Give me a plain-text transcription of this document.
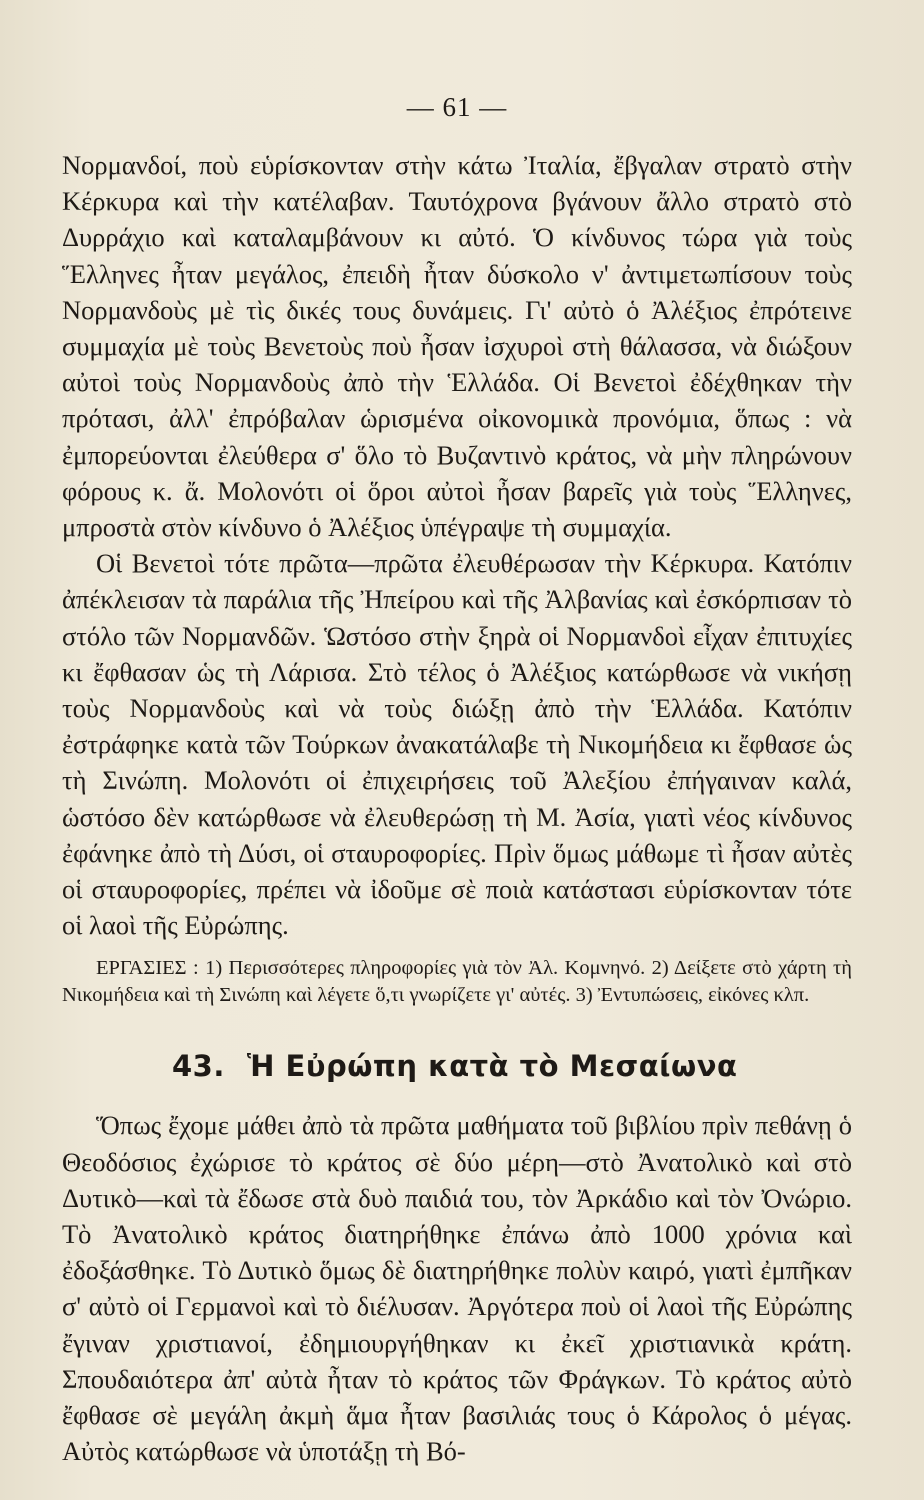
— 61 —

Νορμανδοί, ποὺ εὑρίσκονταν στὴν κάτω Ἰταλία, ἔβγαλαν στρατὸ στὴν Κέρκυρα καὶ τὴν κατέλαβαν. Ταυτόχρονα βγάνουν ἄλλο στρατὸ στὸ Δυρράχιο καὶ καταλαμβάνουν κι αὐτό. Ὁ κίνδυνος τώρα γιὰ τοὺς Ἕλληνες ἦταν μεγάλος, ἐπειδὴ ἦταν δύσκολο ν' ἀντιμετωπίσουν τοὺς Νορμανδοὺς μὲ τὶς δικές τους δυνάμεις. Γι' αὐτὸ ὁ Ἀλέξιος ἐπρότεινε συμμαχία μὲ τοὺς Βενετοὺς ποὺ ἦσαν ἰσχυροὶ στὴ θάλασσα, νὰ διώξουν αὐτοὶ τοὺς Νορμανδοὺς ἀπὸ τὴν Ἑλλάδα. Οἱ Βενετοὶ ἐδέχθηκαν τὴν πρότασι, ἀλλ' ἐπρόβαλαν ὡρισμένα οἰκονομικὰ προνόμια, ὅπως : νὰ ἐμπορεύονται ἐλεύθερα σ' ὅλο τὸ Βυζαντινὸ κράτος, νὰ μὴν πληρώνουν φόρους κ. ἄ. Μολονότι οἱ ὅροι αὐτοὶ ἦσαν βαρεῖς γιὰ τοὺς Ἕλληνες, μπροστὰ στὸν κίνδυνο ὁ Ἀλέξιος ὑπέγραψε τὴ συμμαχία.

Οἱ Βενετοὶ τότε πρῶτα—πρῶτα ἐλευθέρωσαν τὴν Κέρκυρα. Κατόπιν ἀπέκλεισαν τὰ παράλια τῆς Ἠπείρου καὶ τῆς Ἀλβανίας καὶ ἐσκόρπισαν τὸ στόλο τῶν Νορμανδῶν. Ὡστόσο στὴν ξηρὰ οἱ Νορμανδοὶ εἶχαν ἐπιτυχίες κι ἔφθασαν ὡς τὴ Λάρισα. Στὸ τέλος ὁ Ἀλέξιος κατώρθωσε νὰ νικήσῃ τοὺς Νορμανδοὺς καὶ νὰ τοὺς διώξῃ ἀπὸ τὴν Ἑλλάδα. Κατόπιν ἐστράφηκε κατὰ τῶν Τούρκων ἀνακατάλαβε τὴ Νικομήδεια κι ἔφθασε ὡς τὴ Σινώπη. Μολονότι οἱ ἐπιχειρήσεις τοῦ Ἀλεξίου ἐπήγαιναν καλά, ὡστόσο δὲν κατώρθωσε νὰ ἐλευθερώσῃ τὴ Μ. Ἀσία, γιατὶ νέος κίνδυνος ἐφάνηκε ἀπὸ τὴ Δύσι, οἱ σταυροφορίες. Πρὶν ὅμως μάθωμε τὶ ἦσαν αὐτὲς οἱ σταυροφορίες, πρέπει νὰ ἰδοῦμε σὲ ποιὰ κατάστασι εὑρίσκονταν τότε οἱ λαοὶ τῆς Εὐρώπης.

ΕΡΓΑΣΙΕΣ : 1) Περισσότερες πληροφορίες γιὰ τὸν Ἀλ. Κομνηνό. 2) Δείξετε στὸ χάρτη τὴ Νικομήδεια καὶ τὴ Σινώπη καὶ λέγετε ὅ,τι γνωρίζετε γι' αὐτές. 3) Ἐντυπώσεις, εἰκόνες κλπ.

43. Ἡ Εὐρώπη κατὰ τὸ Μεσαίωνα

Ὅπως ἔχομε μάθει ἀπὸ τὰ πρῶτα μαθήματα τοῦ βιβλίου πρὶν πεθάνῃ ὁ Θεοδόσιος ἐχώρισε τὸ κράτος σὲ δύο μέρη—στὸ Ἀνατολικὸ καὶ στὸ Δυτικὸ—καὶ τὰ ἔδωσε στὰ δυὸ παιδιά του, τὸν Ἀρκάδιο καὶ τὸν Ὀνώριο. Τὸ Ἀνατολικὸ κράτος διατηρήθηκε ἐπάνω ἀπὸ 1000 χρόνια καὶ ἐδοξάσθηκε. Τὸ Δυτικὸ ὅμως δὲ διατηρήθηκε πολὺν καιρό, γιατὶ ἐμπῆκαν σ' αὐτὸ οἱ Γερμανοὶ καὶ τὸ διέλυσαν. Ἀργότερα ποὺ οἱ λαοὶ τῆς Εὐρώπης ἔγιναν χριστιανοί, ἐδημιουργήθηκαν κι ἐκεῖ χριστιανικὰ κράτη. Σπουδαιότερα ἀπ' αὐτὰ ἦταν τὸ κράτος τῶν Φράγκων. Τὸ κράτος αὐτὸ ἔφθασε σὲ μεγάλη ἀκμὴ ἅμα ἦταν βασιλιάς τους ὁ Κάρολος ὁ μέγας. Αὐτὸς κατώρθωσε νὰ ὑποτάξῃ τὴ Βό-
